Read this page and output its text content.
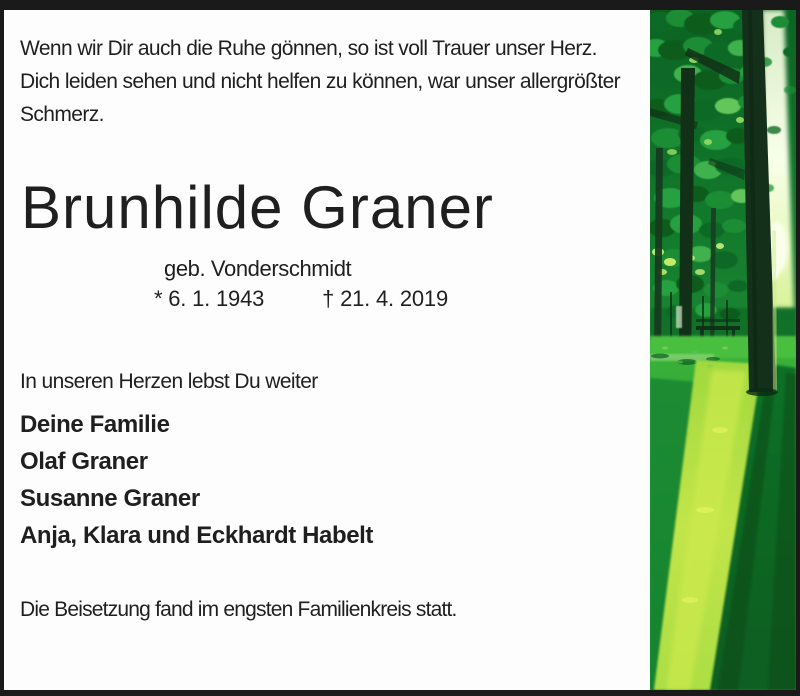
Wenn wir Dir auch die Ruhe gönnen, so ist voll Trauer unser Herz.
Dich leiden sehen und nicht helfen zu können, war unser allergrößter
Schmerz.
Brunhilde Graner
geb. Vonderschmidt
* 6. 1. 1943	† 21. 4. 2019
In unseren Herzen lebst Du weiter
Deine Familie
Olaf Graner
Susanne Graner
Anja, Klara und Eckhardt Habelt
Die Beisetzung fand im engsten Familienkreis statt.
